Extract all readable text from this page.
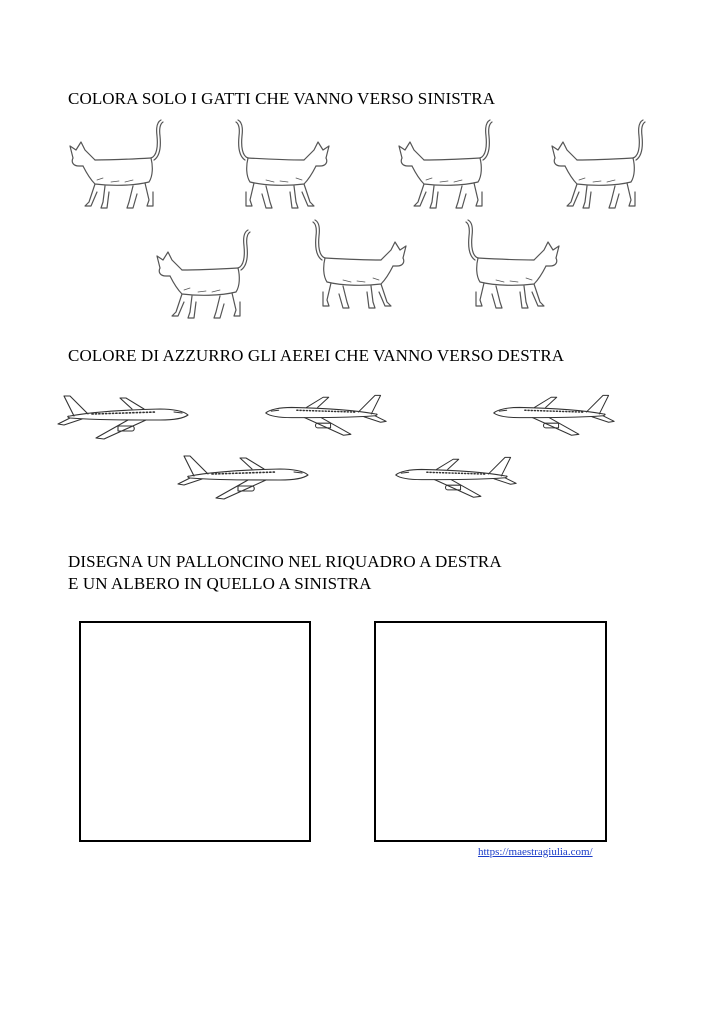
COLORA SOLO I GATTI CHE VANNO VERSO SINISTRA
COLORE DI AZZURRO GLI AEREI CHE VANNO VERSO DESTRA
DISEGNA UN PALLONCINO NEL RIQUADRO A DESTRA
E UN ALBERO IN QUELLO A SINISTRA
https://maestragiulia.com/
